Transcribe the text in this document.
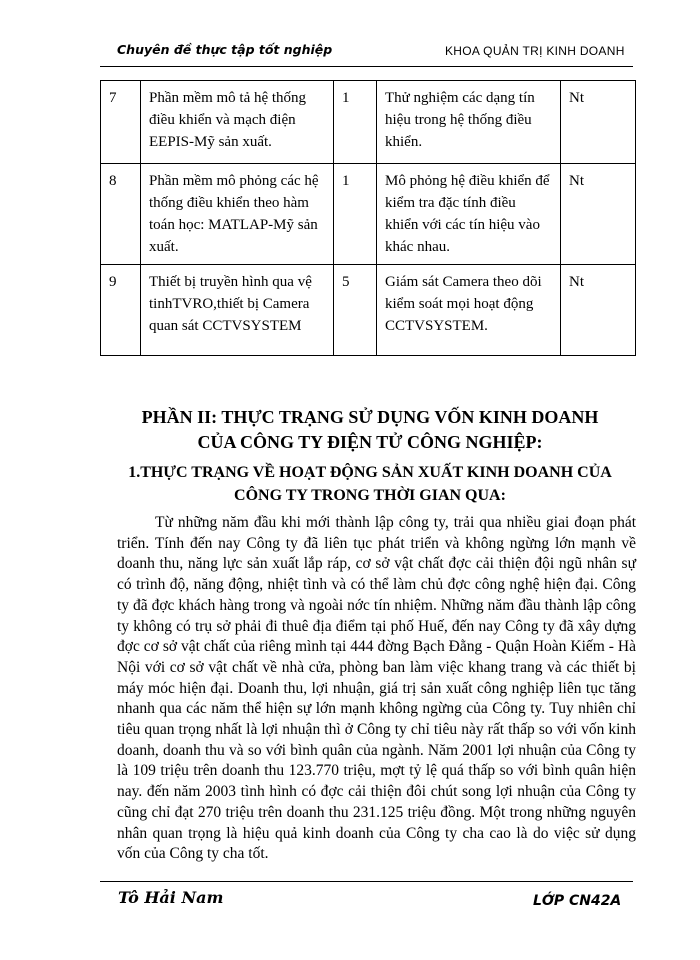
Chuyên đề thực tập tốt nghiệp	KHOA QUẢN TRỊ KINH DOANH
7	Phần mềm mô tả hệ thống điều khiển và mạch điện EEPIS-Mỹ sản xuất.	1	Thử nghiệm các dạng tín hiệu trong hệ thống điều khiển.	Nt
8	Phần mềm mô phỏng các hệ thống điều khiển theo hàm toán học: MATLAP-Mỹ sản xuất.	1	Mô phỏng hệ điều khiển để kiểm tra đặc tính điều khiển với các tín hiệu vào khác nhau.	Nt
9	Thiết bị truyền hình qua vệ tinhTVRO,thiết bị Camera quan sát CCTVSYSTEM	5	Giám sát Camera theo dõi kiểm soát mọi hoạt động CCTVSYSTEM.	Nt
PHẦN II: THỰC TRẠNG SỬ DỤNG VỐN KINH DOANH
CỦA CÔNG TY ĐIỆN TỬ CÔNG NGHIỆP:
1.THỰC TRẠNG VỀ HOẠT ĐỘNG SẢN XUẤT KINH DOANH CỦA
CÔNG TY TRONG THỜI GIAN QUA:

Từ những năm đầu khi mới thành lập công ty, trải qua nhiều giai đoạn phát triển. Tính đến nay Công ty đã liên tục phát triển và không ngừng lớn mạnh về doanh thu, năng lực sản xuất lắp ráp, cơ sở vật chất đợc cải thiện đội ngũ nhân sự có trình độ, năng động, nhiệt tình và có thể làm chủ đợc công nghệ hiện đại. Công ty đã đợc khách hàng trong và ngoài nớc tín nhiệm. Những năm đầu thành lập công ty không có trụ sở phải đi thuê địa điểm tại phố Huế, đến nay Công ty đã xây dựng đợc cơ sở vật chất của riêng mình tại 444 đờng Bạch Đằng - Quận Hoàn Kiếm - Hà Nội với cơ sở vật chất về nhà cửa, phòng ban làm việc khang trang và các thiết bị máy móc hiện đại. Doanh thu, lợi nhuận, giá trị sản xuất công nghiệp liên tục tăng nhanh qua các năm thể hiện sự lớn mạnh không ngừng của Công ty. Tuy nhiên chỉ tiêu quan trọng nhất là lợi nhuận thì ở Công ty chỉ tiêu này rất thấp so với vốn kinh doanh, doanh thu và so với bình quân của ngành. Năm 2001 lợi nhuận của Công ty là 109 triệu trên doanh thu 123.770 triệu, mợt tỷ lệ quá thấp so với bình quân hiện nay. đến năm 2003 tình hình có đợc cải thiện đôi chút song lợi nhuận của Công ty cũng chỉ đạt 270 triệu trên doanh thu 231.125 triệu đồng. Một trong những nguyên nhân quan trọng là hiệu quả kinh doanh của Công ty cha cao là do việc sử dụng vốn của Công ty cha tốt.

Tô Hải Nam	LỚP CN42A
